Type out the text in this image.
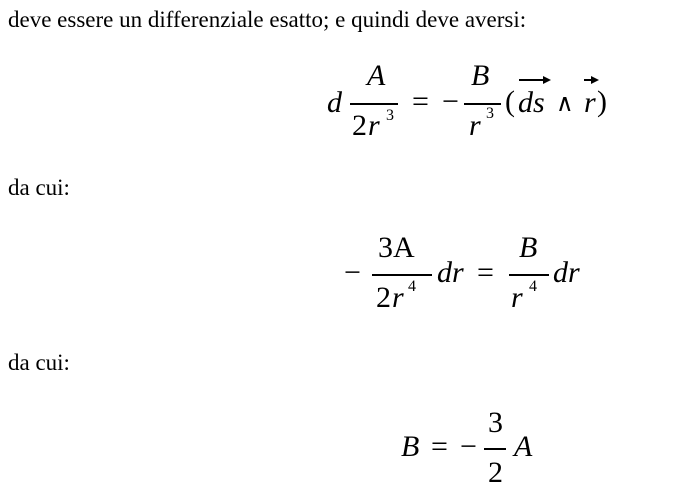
deve essere un differenziale esatto; e quindi deve aversi:
d
A
2 r 3 = −
B
r 3 ( ds ∧ r )
da cui:
−
3A
2 r 4 dr =
B
r 4 dr
da cui:
B = −
3
2
A
